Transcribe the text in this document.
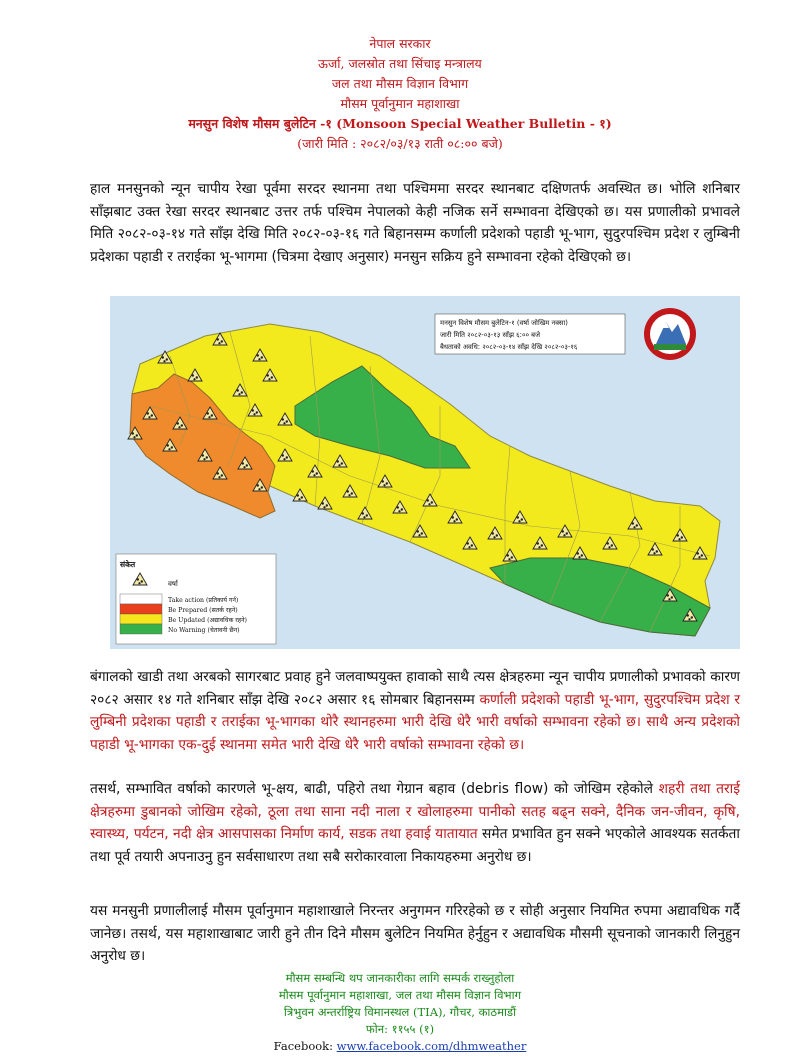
नेपाल सरकार
ऊर्जा, जलस्रोत तथा सिंचाइ मन्त्रालय
जल तथा मौसम विज्ञान विभाग
मौसम पूर्वानुमान महाशाखा
मनसुन विशेष मौसम बुलेटिन -१ (Monsoon Special Weather Bulletin - १)
(जारी मिति : २०८२/०३/१३ राती ०८:०० बजे)
हाल मनसुनको न्यून चापीय रेखा पूर्वमा सरदर स्थानमा तथा पश्चिममा सरदर स्थानबाट दक्षिणतर्फ अवस्थित छ। भोलि शनिबार साँझबाट उक्त रेखा सरदर स्थानबाट उत्तर तर्फ पश्चिम नेपालको केही नजिक सर्ने सम्भावना देखिएको छ। यस प्रणालीको प्रभावले मिति २०८२-०३-१४ गते साँझ देखि मिति २०८२-०३-१६ गते बिहानसम्म कर्णाली प्रदेशको पहाडी भू-भाग, सुदुरपश्चिम प्रदेश र लुम्बिनी प्रदेशका पहाडी र तराईका भू-भागमा (चित्रमा देखाए अनुसार) मनसुन सक्रिय हुने सम्भावना रहेको देखिएको छ।
मनसुन विशेष मौसम बुलेटिन-१ (वर्षा जोखिम नक्सा)
जारी मिति २०८२-०३-१३ साँझ ६:०० बजे
बैधताको अवधि: २०८२-०३-१४ साँझ देखि २०८२-०३-१६
संकेत
वर्षा
Take action (प्रतिकार्य गर्न)
Be Prepared (सतर्क रहने)
Be Updated (अद्यावधिक रहने)
No Warning (चेतावनी छैन)
बंगालको खाडी तथा अरबको सागरबाट प्रवाह हुने जलवाष्पयुक्त हावाको साथै त्यस क्षेत्रहरुमा न्यून चापीय प्रणालीको प्रभावको कारण २०८२ असार १४ गते शनिबार साँझ देखि २०८२ असार १६ सोमबार बिहानसम्म कर्णाली प्रदेशको पहाडी भू-भाग, सुदुरपश्चिम प्रदेश र लुम्बिनी प्रदेशका पहाडी र तराईका भू-भागका थोरै स्थानहरुमा भारी देखि धेरै भारी वर्षाको सम्भावना रहेको छ। साथै अन्य प्रदेशको पहाडी भू-भागका एक-दुई स्थानमा समेत भारी देखि धेरै भारी वर्षाको सम्भावना रहेको छ।
तसर्थ, सम्भावित वर्षाको कारणले भू-क्षय, बाढी, पहिरो तथा गेग्रान बहाव (debris flow) को जोखिम रहेकोले शहरी तथा तराई क्षेत्रहरुमा डुबानको जोखिम रहेको, ठूला तथा साना नदी नाला र खोलाहरुमा पानीको सतह बढ्न सक्ने, दैनिक जन-जीवन, कृषि, स्वास्थ्य, पर्यटन, नदी क्षेत्र आसपासका निर्माण कार्य, सडक तथा हवाई यातायात समेत प्रभावित हुन सक्ने भएकोले आवश्यक सतर्कता तथा पूर्व तयारी अपनाउनु हुन सर्वसाधारण तथा सबै सरोकारवाला निकायहरुमा अनुरोध छ।
यस मनसुनी प्रणालीलाई मौसम पूर्वानुमान महाशाखाले निरन्तर अनुगमन गरिरहेको छ र सोही अनुसार नियमित रुपमा अद्यावधिक गर्दै जानेछ। तसर्थ, यस महाशाखाबाट जारी हुने तीन दिने मौसम बुलेटिन नियमित हेर्नुहुन र अद्यावधिक मौसमी सूचनाको जानकारी लिनुहुन अनुरोध छ।
मौसम सम्बन्धि थप जानकारीका लागि सम्पर्क राख्नुहोला
मौसम पूर्वानुमान महाशाखा, जल तथा मौसम विज्ञान विभाग
त्रिभुवन अन्तर्राष्ट्रिय विमानस्थल (TIA), गौचर, काठमाडौं
फोन: ११५५ (१)
Facebook: www.facebook.com/dhmweather
